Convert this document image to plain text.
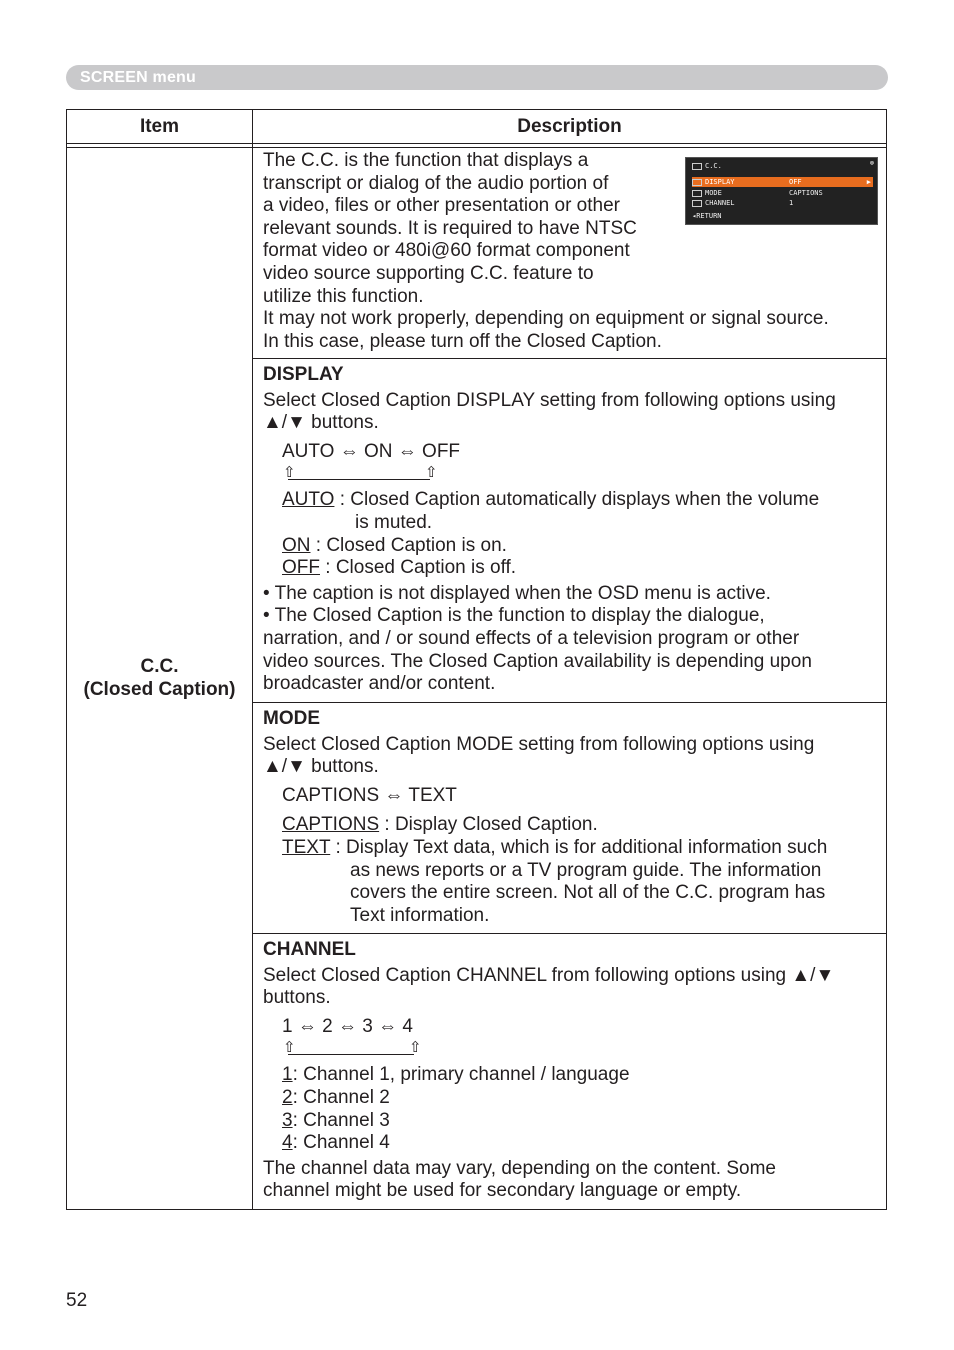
SCREEN menu
Item	Description
C.C.
(Closed Caption)

The C.C. is the function that displays a

transcript or dialog of the audio portion of

a video, files or other presentation or other

relevant sounds. It is required to have NTSC

format video or 480i@60 format component

video source supporting C.C. feature to

utilize this function.

It may not work properly, depending on equipment or signal source.

In this case, please turn off the Closed Caption.

DISPLAY

Select Closed Caption DISPLAY setting from following options using

▲/▼ buttons.

AUTO ⇔ ON ⇔ OFF

⇧	⇧
AUTO : Closed Caption automatically displays when the volume
is muted.
ON : Closed Caption is on.
OFF : Closed Caption is off.

• The caption is not displayed when the OSD menu is active.

• The Closed Caption is the function to display the dialogue,

narration, and / or sound effects of a television program or other

video sources. The Closed Caption availability is depending upon

broadcaster and/or content.

MODE

Select Closed Caption MODE setting from following options using

▲/▼ buttons.

CAPTIONS ⇔ TEXT

CAPTIONS : Display Closed Caption.
TEXT : Display Text data, which is for additional information such
as news reports or a TV program guide. The information
covers the entire screen. Not all of the C.C. program has
Text information.

CHANNEL

Select Closed Caption CHANNEL from following options using ▲/▼

buttons.

1 ⇔ 2 ⇔ 3 ⇔ 4

⇧	⇧
1: Channel 1, primary channel / language
2: Channel 2
3: Channel 3
4: Channel 4

The channel data may vary, depending on the content. Some

channel might be used for secondary language or empty.

C.C.	⊗
DISPLAY	OFF	▶
MODE	CAPTIONS
CHANNEL	1
◂RETURN
52
